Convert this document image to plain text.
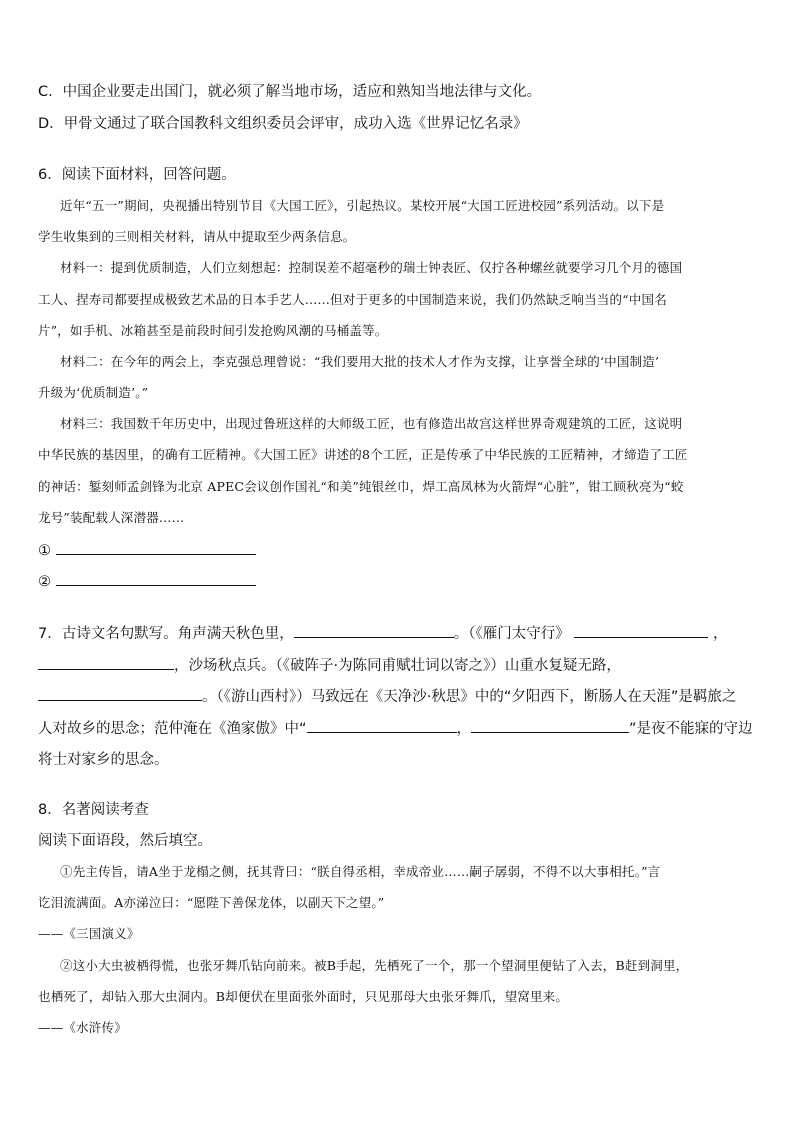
C．中国企业要走出国门，就必须了解当地市场，适应和熟知当地法律与文化。
D．甲骨文通过了联合国教科文组织委员会评审，成功入选《世界记忆名录》
6．阅读下面材料，回答问题。
近年“五一”期间，央视播出特别节目《大国工匠》，引起热议。某校开展“大国工匠进校园”系列活动。以下是
学生收集到的三则相关材料，请从中提取至少两条信息。
材料一：提到优质制造，人们立刻想起：控制误差不超毫秒的瑞士钟表匠、仅拧各种螺丝就要学习几个月的德国
工人、捏寿司都要捏成极致艺术品的日本手艺人……但对于更多的中国制造来说，我们仍然缺乏响当当的“中国名
片”，如手机、冰箱甚至是前段时间引发抢购风潮的马桶盖等。
材料二：在今年的两会上，李克强总理曾说：“我们要用大批的技术人才作为支撑，让享誉全球的‘中国制造’
升级为‘优质制造’。”
材料三：我国数千年历史中，出现过鲁班这样的大师级工匠，也有修造出故宫这样世界奇观建筑的工匠，这说明
中华民族的基因里，的确有工匠精神。《大国工匠》讲述的8个工匠，正是传承了中华民族的工匠精神，才缔造了工匠
的神话：錾刻师孟剑锋为北京 APEC会议创作国礼“和美”纯银丝巾，焊工高凤林为火箭焊“心脏”，钳工顾秋亮为“蛟
龙号”装配载人深潜器……
①
②
7．古诗文名句默写。角声满天秋色里，	。（《雁门太守行》	，
，沙场秋点兵。（《破阵子·为陈同甫赋壮词以寄之》）山重水复疑无路，
。（《游山西村》）马致远在《天净沙·秋思》中的“夕阳西下，断肠人在天涯”是羁旅之
人对故乡的思念；范仲淹在《渔家傲》中“	，	”是夜不能寐的守边
将士对家乡的思念。
8．名著阅读考查
阅读下面语段，然后填空。
①先主传旨，请A坐于龙榻之侧，抚其背曰：“朕自得丞相，幸成帝业……嗣子孱弱，不得不以大事相托。”言
讫泪流满面。A亦涕泣曰：“愿陛下善保龙体，以副天下之望。”
——《三国演义》
②这小大虫被栖得慌，也张牙舞爪钻向前来。被B手起，先栖死了一个，那一个望洞里便钻了入去，B赶到洞里，
也栖死了，却钻入那大虫洞内。B却便伏在里面张外面时，只见那母大虫张牙舞爪，望窝里来。
——《水浒传》
